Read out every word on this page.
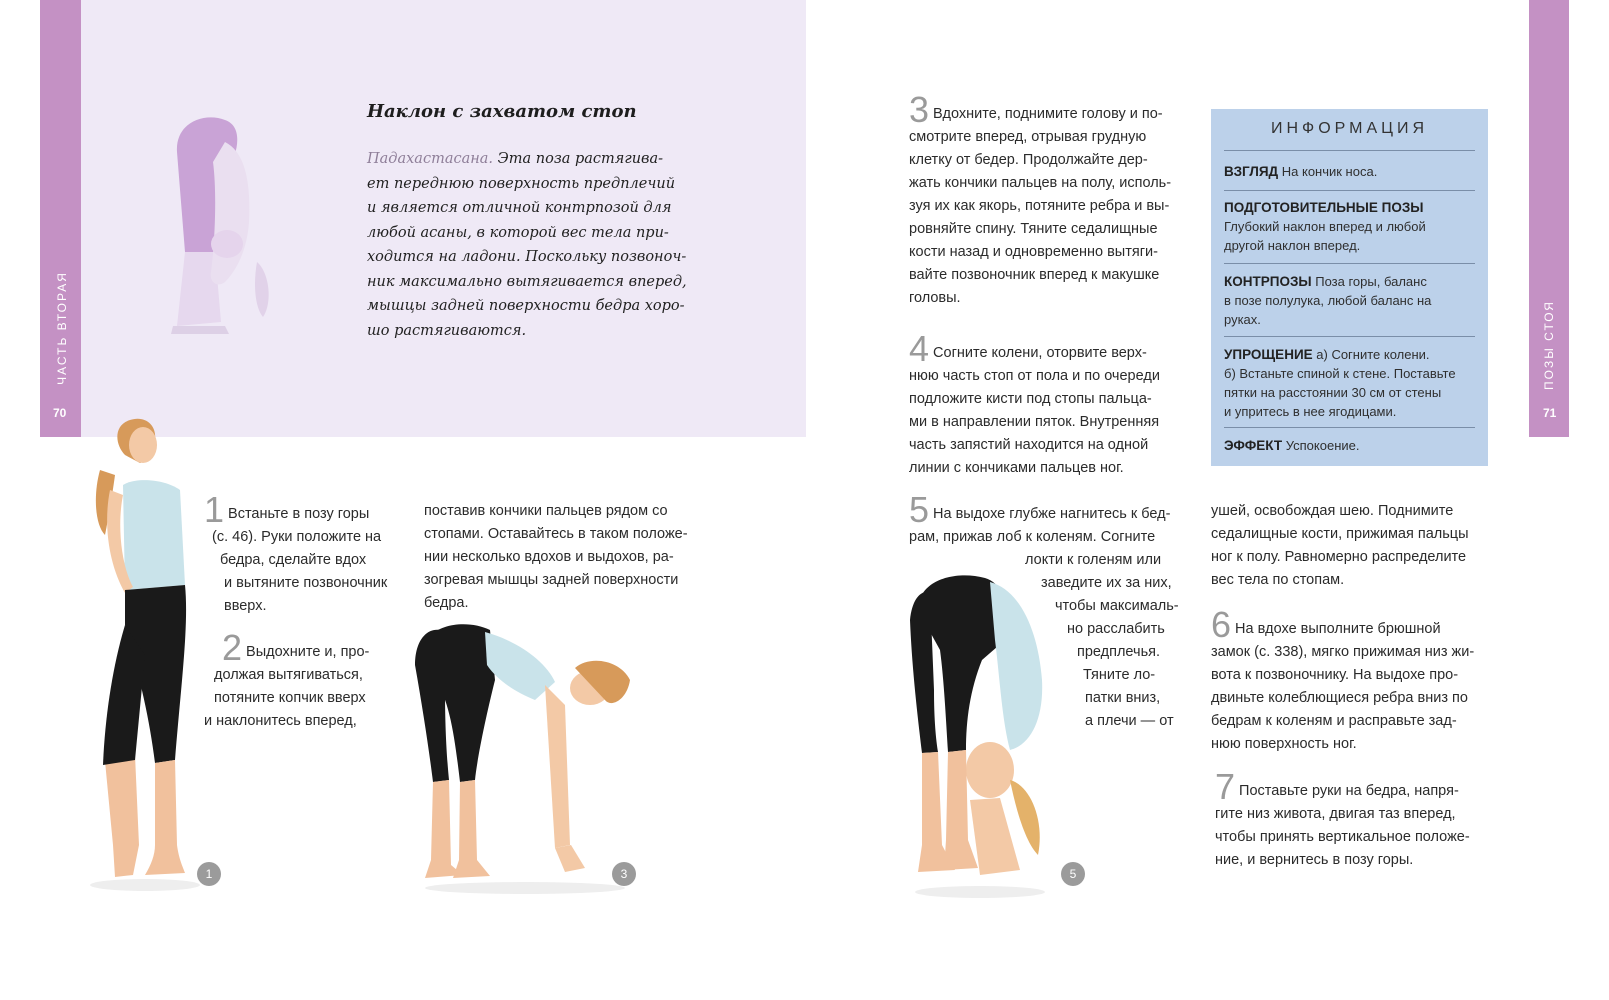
ЧАСТЬ ВТОРАЯ
70
Наклон с захватом стоп
Падахастасана. Эта поза растягива-
ет переднюю поверхность предплечий
и является отличной контрпозой для
любой асаны, в которой вес тела при-
ходится на ладони. Поскольку позвоноч-
ник максимально вытягивается вперед,
мышцы задней поверхности бедра хоро-
шо растягиваются.
1 Встаньте в позу горы
(с. 46). Руки положите на
бедра, сделайте вдох
и вытяните позвоночник
вверх.
2 Выдохните и, про-
должая вытягиваться,
потяните копчик вверх
и наклонитесь вперед,
поставив кончики пальцев рядом со
стопами. Оставайтесь в таком положе-
нии несколько вдохов и выдохов, ра-
зогревая мышцы задней поверхности
бедра.
1	3
ПОЗЫ СТОЯ
71
3 Вдохните, поднимите голову и по-
смотрите вперед, отрывая грудную
клетку от бедер. Продолжайте дер-
жать кончики пальцев на полу, исполь-
зуя их как якорь, потяните ребра и вы-
ровняйте спину. Тяните седалищные
кости назад и одновременно вытяги-
вайте позвоночник вперед к макушке
головы.
4 Согните колени, оторвите верх-
нюю часть стоп от пола и по очереди
подложите кисти под стопы пальца-
ми в направлении пяток. Внутренняя
часть запястий находится на одной
линии с кончиками пальцев ног.
5 На выдохе глубже нагнитесь к бед-
рам, прижав лоб к коленям. Согните
локти к голеням или
заведите их за них,
чтобы максималь-
но расслабить
предплечья.
Тяните ло-
патки вниз,
а плечи — от
5
ушей, освобождая шею. Поднимите
седалищные кости, прижимая пальцы
ног к полу. Равномерно распределите
вес тела по стопам.
6 На вдохе выполните брюшной
замок (с. 338), мягко прижимая низ жи-
вота к позвоночнику. На выдохе про-
двиньте колеблющиеся ребра вниз по
бедрам к коленям и расправьте зад-
нюю поверхность ног.
7 Поставьте руки на бедра, напря-
гите низ живота, двигая таз вперед,
чтобы принять вертикальное положе-
ние, и вернитесь в позу горы.
ИНФОРМАЦИЯ
ВЗГЛЯД На кончик носа.
ПОДГОТОВИТЕЛЬНЫЕ ПОЗЫ
Глубокий наклон вперед и любой
другой наклон вперед.
КОНТРПОЗЫ Поза горы, баланс
в позе полулука, любой баланс на
руках.
УПРОЩЕНИЕ а) Согните колени.
б) Встаньте спиной к стене. Поставьте
пятки на расстоянии 30 см от стены
и упритесь в нее ягодицами.
ЭФФЕКТ Успокоение.
